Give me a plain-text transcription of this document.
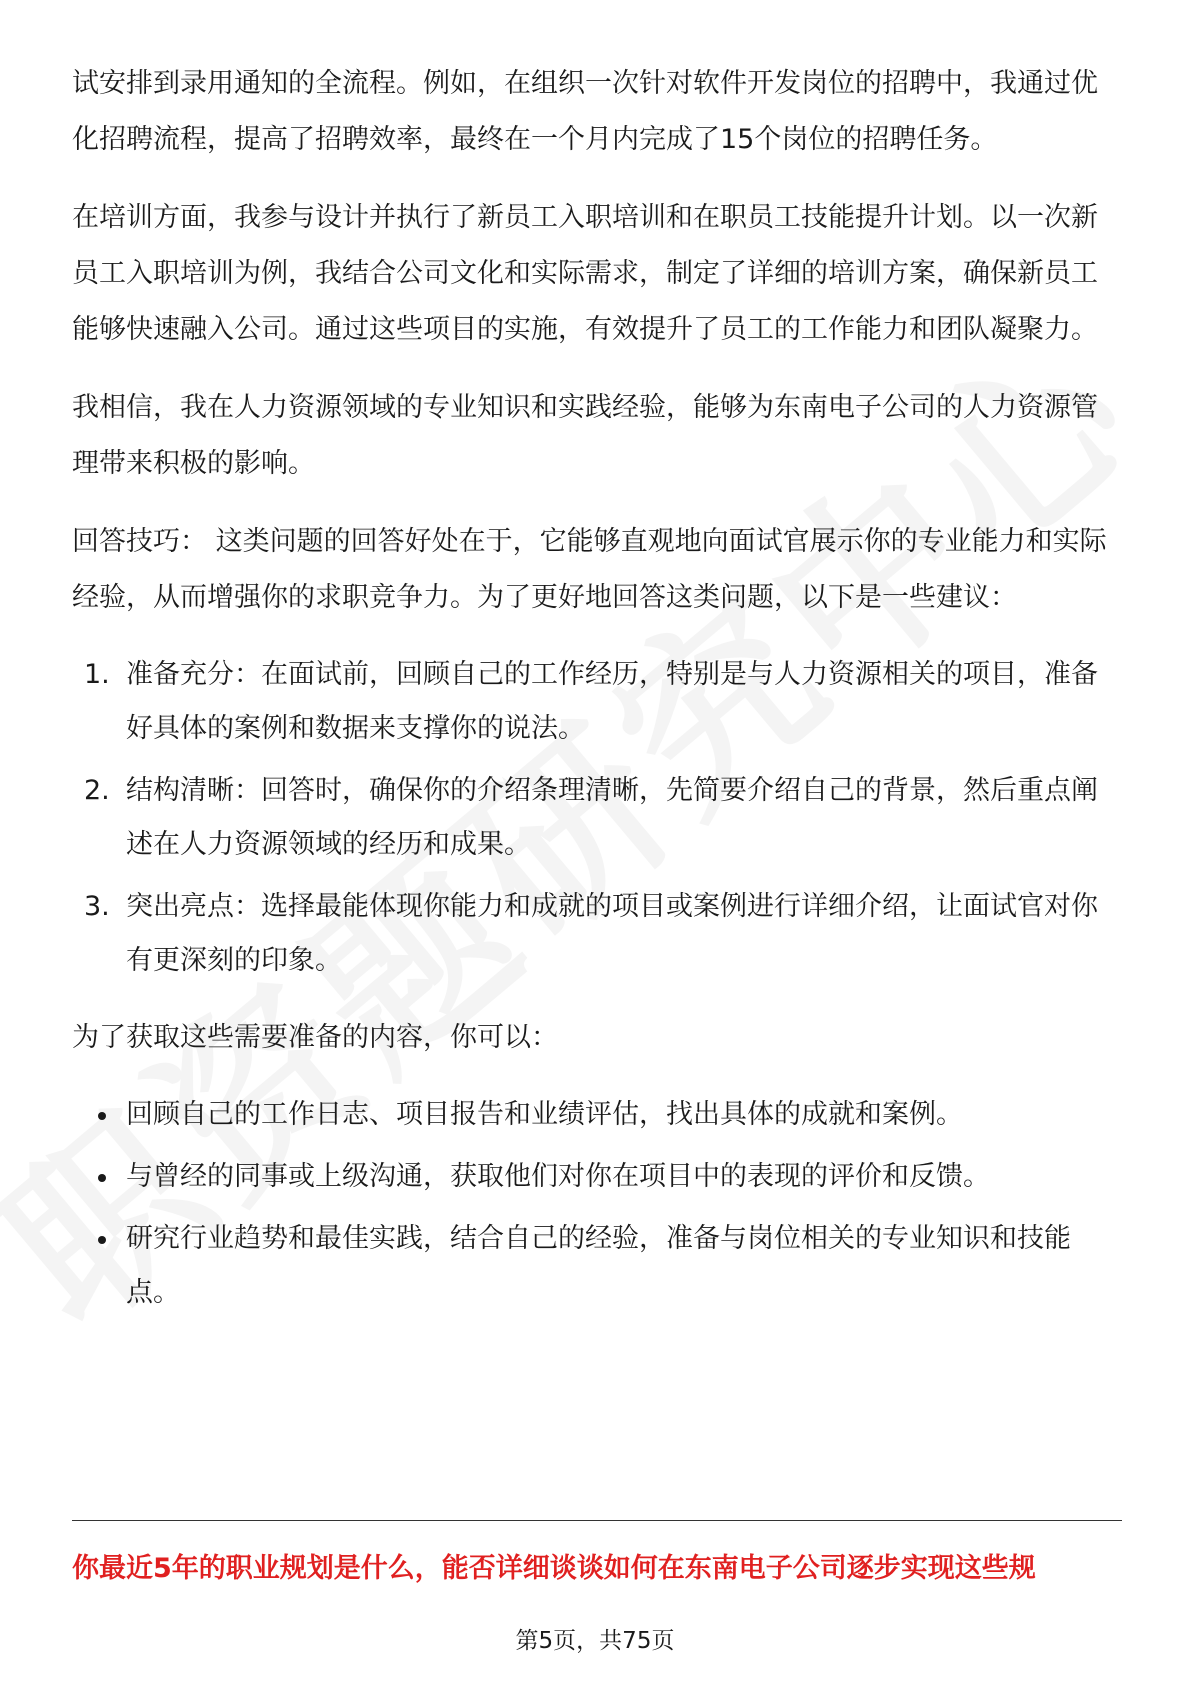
试安排到录用通知的全流程。例如，在组织一次针对软件开发岗位的招聘中，我通过优化招聘流程，提高了招聘效率，最终在一个月内完成了15个岗位的招聘任务。

在培训方面，我参与设计并执行了新员工入职培训和在职员工技能提升计划。以一次新员工入职培训为例，我结合公司文化和实际需求，制定了详细的培训方案，确保新员工能够快速融入公司。通过这些项目的实施，有效提升了员工的工作能力和团队凝聚力。

我相信，我在人力资源领域的专业知识和实践经验，能够为东南电子公司的人力资源管理带来积极的影响。

回答技巧： 这类问题的回答好处在于，它能够直观地向面试官展示你的专业能力和实际经验，从而增强你的求职竞争力。为了更好地回答这类问题，以下是一些建议：

1. 准备充分：在面试前，回顾自己的工作经历，特别是与人力资源相关的项目，准备好具体的案例和数据来支撑你的说法。
2. 结构清晰：回答时，确保你的介绍条理清晰，先简要介绍自己的背景，然后重点阐述在人力资源领域的经历和成果。
3. 突出亮点：选择最能体现你能力和成就的项目或案例进行详细介绍，让面试官对你有更深刻的印象。

为了获取这些需要准备的内容，你可以：

回顾自己的工作日志、项目报告和业绩评估，找出具体的成就和案例。
与曾经的同事或上级沟通，获取他们对你在项目中的表现的评价和反馈。
研究行业趋势和最佳实践，结合自己的经验，准备与岗位相关的专业知识和技能点。
你最近5年的职业规划是什么，能否详细谈谈如何在东南电子公司逐步实现这些规
第5页，共75页
